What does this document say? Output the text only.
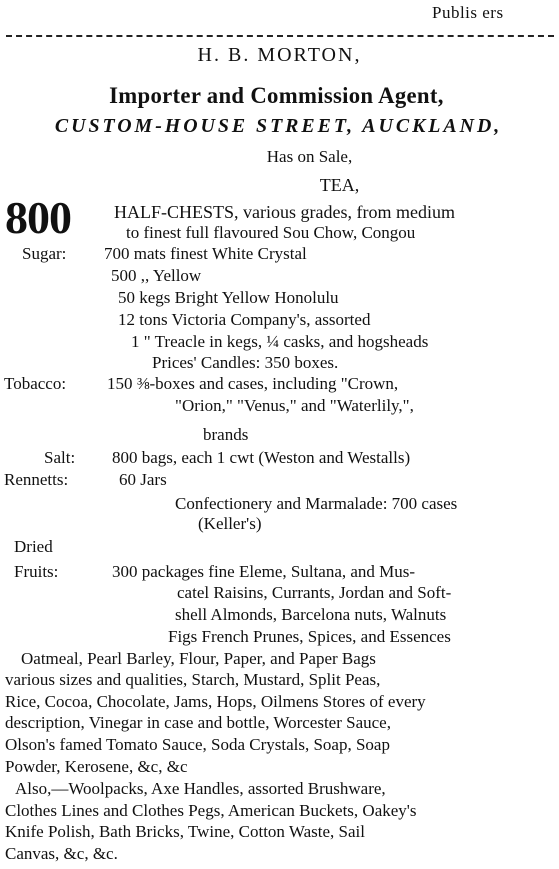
Publis ers
H. B. MORTON,
Importer and Commission Agent,
CUSTOM-HOUSE STREET, AUCKLAND,
Has on Sale,
TEA,
800
Sugar:
Tobacco:
Salt:
Rennetts:
Dried
Fruits:
HALF-CHESTS, various grades, from medium
to finest full flavoured Sou Chow, Congou
700 mats finest White Crystal
500 ,, Yellow
50 kegs Bright Yellow Honolulu
12 tons Victoria Company's, assorted
1 " Treacle in kegs, ¼ casks, and hogsheads
Prices' Candles: 350 boxes.
150 ⅜-boxes and cases, including "Crown,
"Orion," "Venus," and "Waterlily,",
brands
800 bags, each 1 cwt (Weston and Westalls)
60 Jars
Confectionery and Marmalade: 700 cases
(Keller's)
300 packages fine Eleme, Sultana, and Mus-
catel Raisins, Currants, Jordan and Soft-
shell Almonds, Barcelona nuts, Walnuts
Figs French Prunes, Spices, and Essences
Oatmeal, Pearl Barley, Flour, Paper, and Paper Bags
various sizes and qualities, Starch, Mustard, Split Peas,
Rice, Cocoa, Chocolate, Jams, Hops, Oilmens Stores of every
description, Vinegar in case and bottle, Worcester Sauce,
Olson's famed Tomato Sauce, Soda Crystals, Soap, Soap
Powder, Kerosene, &c, &c
Also,—Woolpacks, Axe Handles, assorted Brushware,
Clothes Lines and Clothes Pegs, American Buckets, Oakey's
Knife Polish, Bath Bricks, Twine, Cotton Waste, Sail
Canvas, &c, &c.
